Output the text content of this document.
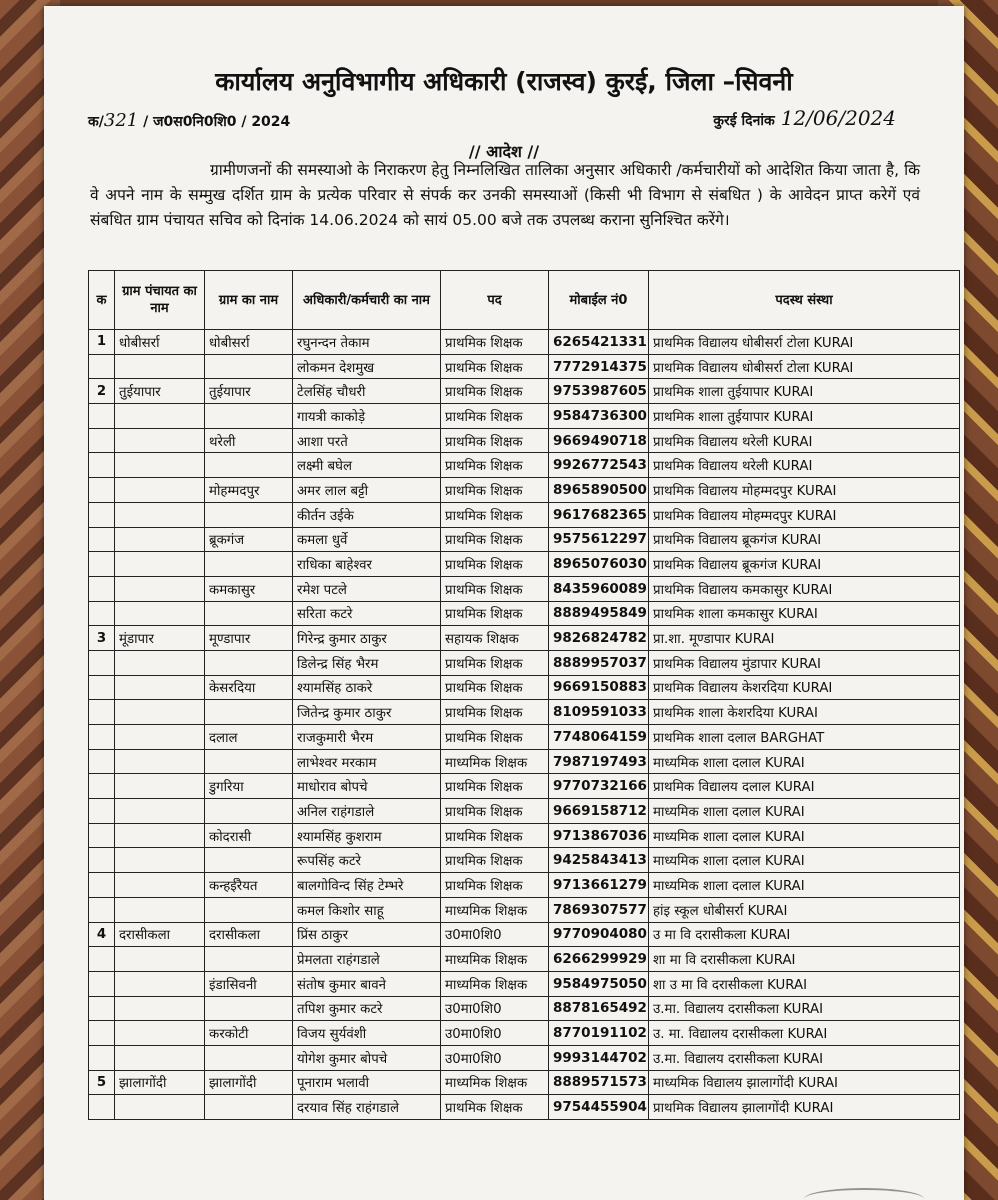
कार्यालय अनुविभागीय अधिकारी (राजस्व) कुरई, जिला –सिवनी
क/321 / ज0स0नि0शि0 / 2024	कुरई दिनांक 12/06/2024
// आदेश //
ग्रामीणजनों की समस्याओ के निराकरण हेतु निम्नलिखित तालिका अनुसार अधिकारी /कर्मचारीयों को आदेशित किया जाता है, कि वे अपने नाम के सम्मुख दर्शित ग्राम के प्रत्येक परिवार से संपर्क कर उनकी समस्याओं (किसी भी विभाग से संबधित ) के आवेदन प्राप्त करेगें एवं संबधित ग्राम पंचायत सचिव को दिनांक 14.06.2024 को सायं 05.00 बजे तक उपलब्ध कराना सुनिश्चित करेंगे।
क	ग्राम पंचायत का नाम	ग्राम का नाम	अधिकारी/कर्मचारी का नाम	पद	मोबाईल नं0	पदस्थ संस्था
1	धोबीसर्रा	धोबीसर्रा	रघुनन्दन तेकाम	प्राथमिक शिक्षक	6265421331	प्राथमिक विद्यालय धोबीसर्रा टोला KURAI
			लोकमन देशमुख	प्राथमिक शिक्षक	7772914375	प्राथमिक विद्यालय धोबीसर्रा टोला KURAI
2	तुईयापार	तुईयापार	टेलसिंह चौधरी	प्राथमिक शिक्षक	9753987605	प्राथमिक शाला तुईयापार KURAI
			गायत्री काकोड़े	प्राथमिक शिक्षक	9584736300	प्राथमिक शाला तुईयापार KURAI
		थरेली	आशा परते	प्राथमिक शिक्षक	9669490718	प्राथमिक विद्यालय थरेली KURAI
			लक्ष्मी बघेल	प्राथमिक शिक्षक	9926772543	प्राथमिक विद्यालय थरेली KURAI
		मोहम्मदपुर	अमर लाल बट्टी	प्राथमिक शिक्षक	8965890500	प्राथमिक विद्यालय मोहम्मदपुर KURAI
			कीर्तन उईके	प्राथमिक शिक्षक	9617682365	प्राथमिक विद्यालय मोहम्मदपुर KURAI
		ब्रूकगंज	कमला धुर्वे	प्राथमिक शिक्षक	9575612297	प्राथमिक विद्यालय ब्रूकगंज KURAI
			राधिका बाहेश्वर	प्राथमिक शिक्षक	8965076030	प्राथमिक विद्यालय ब्रूकगंज KURAI
		कमकासुर	रमेश पटले	प्राथमिक शिक्षक	8435960089	प्राथमिक विद्यालय कमकासुर KURAI
			सरिता कटरे	प्राथमिक शिक्षक	8889495849	प्राथमिक शाला कमकासुर KURAI
3	मूंडापार	मूण्डापार	गिरेन्द्र कुमार ठाकुर	सहायक शिक्षक	9826824782	प्रा.शा. मूण्डापार KURAI
			डिलेन्द्र सिंह भैरम	प्राथमिक शिक्षक	8889957037	प्राथमिक विद्यालय मुंडापार KURAI
		केसरदिया	श्यामसिंह ठाकरे	प्राथमिक शिक्षक	9669150883	प्राथमिक विद्यालय केशरदिया KURAI
			जितेन्द्र कुमार ठाकुर	प्राथमिक शिक्षक	8109591033	प्राथमिक शाला केशरदिया KURAI
		दलाल	राजकुमारी भैरम	प्राथमिक शिक्षक	7748064159	प्राथमिक शाला दलाल BARGHAT
			लाभेश्वर मरकाम	माध्यमिक शिक्षक	7987197493	माध्यमिक शाला दलाल KURAI
		डुगरिया	माधोराव बोपचे	प्राथमिक शिक्षक	9770732166	प्राथमिक विद्यालय दलाल KURAI
			अनिल राहंगडाले	प्राथमिक शिक्षक	9669158712	माध्यमिक शाला दलाल KURAI
		कोदरासी	श्यामसिंह कुशराम	प्राथमिक शिक्षक	9713867036	माध्यमिक शाला दलाल KURAI
			रूपसिंह कटरे	प्राथमिक शिक्षक	9425843413	माध्यमिक शाला दलाल KURAI
		कन्हईरैयत	बालगोविन्द सिंह टेम्भरे	प्राथमिक शिक्षक	9713661279	माध्यमिक शाला दलाल KURAI
			कमल किशोर साहू	माध्यमिक शिक्षक	7869307577	हांइ स्कूल धोबीसर्रा KURAI
4	दरासीकला	दरासीकला	प्रिंस ठाकुर	उ0मा0शि0	9770904080	उ मा वि दरासीकला KURAI
			प्रेमलता राहंगडाले	माध्यमिक शिक्षक	6266299929	शा मा वि दरासीकला KURAI
		इंडासिवनी	संतोष कुमार बावने	माध्यमिक शिक्षक	9584975050	शा उ मा वि दरासीकला KURAI
			तपिश कुमार कटरे	उ0मा0शि0	8878165492	उ.मा. विद्यालय दरासीकला KURAI
		करकोटी	विजय सुर्यवंशी	उ0मा0शि0	8770191102	उ. मा. विद्यालय दरासीकला KURAI
			योगेश कुमार बोपचे	उ0मा0शि0	9993144702	उ.मा. विद्यालय दरासीकला KURAI
5	झालागोंदी	झालागोंदी	पूनाराम भलावी	माध्यमिक शिक्षक	8889571573	माध्यमिक विद्यालय झालागोंदी KURAI
			दरयाव सिंह राहंगडाले	प्राथमिक शिक्षक	9754455904	प्राथमिक विद्यालय झालागोंदी KURAI
